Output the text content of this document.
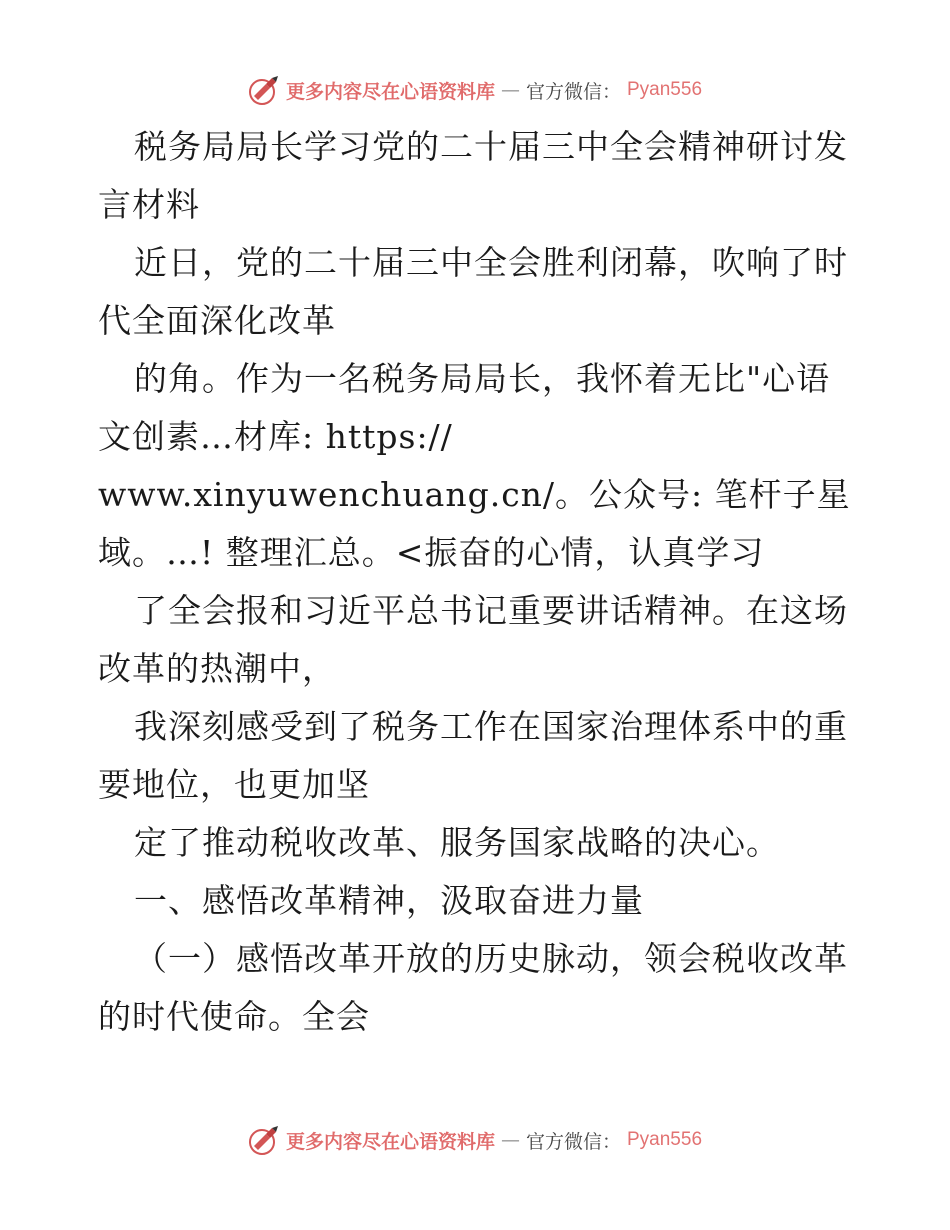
更多内容尽在心语资料库 — 官方微信： Pyan556
税务局局长学习党的二十届三中全会精神研讨发
言材料
近日，党的二十届三中全会胜利闭幕，吹响了时
代全面深化改革
的角。作为一名税务局局长，我怀着无比"心语
文创素…材库: https://
www.xinyuwenchuang.cn/。公众号: 笔杆子星
域。…! 整理汇总。<振奋的心情，认真学习
了全会报和习近平总书记重要讲话精神。在这场
改革的热潮中，
我深刻感受到了税务工作在国家治理体系中的重
要地位，也更加坚
定了推动税收改革、服务国家战略的决心。
一、感悟改革精神，汲取奋进力量
（一）感悟改革开放的历史脉动，领会税收改革
的时代使命。全会
更多内容尽在心语资料库 — 官方微信： Pyan556
